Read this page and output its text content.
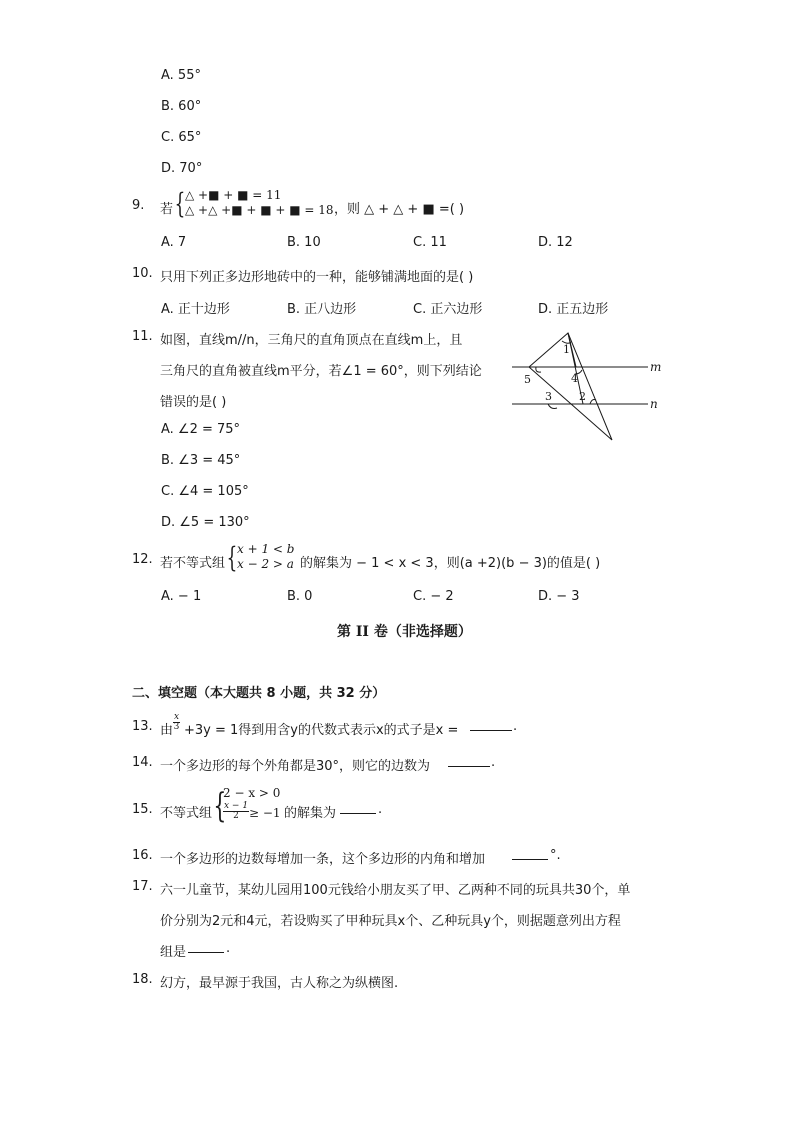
A. 55°
B. 60°
C. 65°
D. 70°
9. 若 { △ +■ + ■ = 11
△ +△ +■ + ■ + ■ = 18 ，则 △ + △ + ■ =( )
A. 7	B. 10	C. 11	D. 12
10. 只用下列正多边形地砖中的一种，能够铺满地面的是( )
A. 正十边形	B. 正八边形	C. 正六边形	D. 正五边形
11. 如图，直线m//n，三角尺的直角顶点在直线m上，且
三角尺的直角被直线m平分，若∠1 = 60°，则下列结论
错误的是( )
A. ∠2 = 75°
B. ∠3 = 45°
C. ∠4 = 105°
D. ∠5 = 130°
1
4
5
3 2
m
n
12. 若不等式组 { x + 1 < b
x − 2 > a 的解集为 − 1 < x < 3，则(a +2)(b − 3)的值是( )
A. − 1	B. 0	C. − 2	D. − 3
第 II 卷（非选择题）
二、填空题（本大题共 8 小题，共 32 分）
13. 由 $\frac{x}{3} +3y = 1$得到用含y的代数式表示x的式子是x =	.
14. 一个多边形的每个外角都是30°，则它的边数为	.
15. 不等式组 {
2 − x > 0
$\frac{x - 1}{2} \ge -1$ 的解集为	.
16. 一个多边形的边数每增加一条，这个多边形的内角和增加	°.
17. 六一儿童节，某幼儿园用100元钱给小朋友买了甲、乙两种不同的玩具共30个，单
价分别为2元和4元，若设购买了甲种玩具x个、乙种玩具y个，则据题意列出方程
组是	.
18. 幻方，最早源于我国，古人称之为纵横图.
